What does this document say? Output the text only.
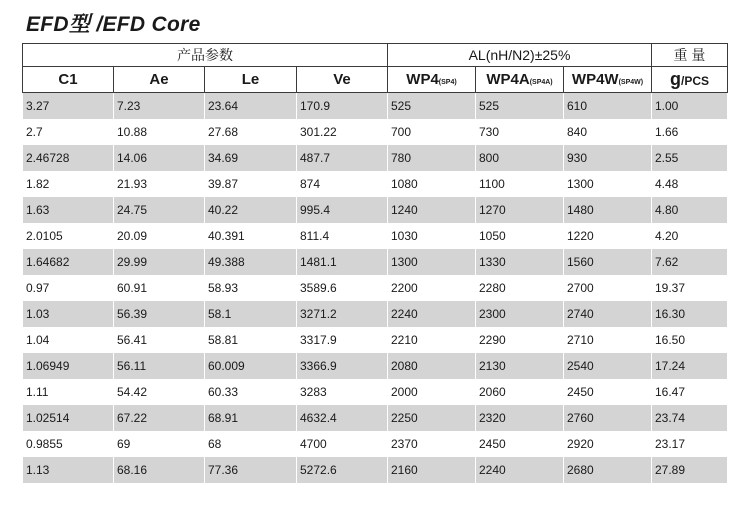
EFD型 /EFD Core
产品参数				AL(nH/N2)±25%			重 量
C1	Ae	Le	Ve	WP4(SP4)	WP4A(SP4A)	WP4W(SP4W)	g/PCS
3.27	7.23	23.64	170.9	525	525	610	1.00
2.7	10.88	27.68	301.22	700	730	840	1.66
2.46728	14.06	34.69	487.7	780	800	930	2.55
1.82	21.93	39.87	874	1080	1100	1300	4.48
1.63	24.75	40.22	995.4	1240	1270	1480	4.80
2.0105	20.09	40.391	811.4	1030	1050	1220	4.20
1.64682	29.99	49.388	1481.1	1300	1330	1560	7.62
0.97	60.91	58.93	3589.6	2200	2280	2700	19.37
1.03	56.39	58.1	3271.2	2240	2300	2740	16.30
1.04	56.41	58.81	3317.9	2210	2290	2710	16.50
1.06949	56.11	60.009	3366.9	2080	2130	2540	17.24
1.11	54.42	60.33	3283	2000	2060	2450	16.47
1.02514	67.22	68.91	4632.4	2250	2320	2760	23.74
0.9855	69	68	4700	2370	2450	2920	23.17
1.13	68.16	77.36	5272.6	2160	2240	2680	27.89
